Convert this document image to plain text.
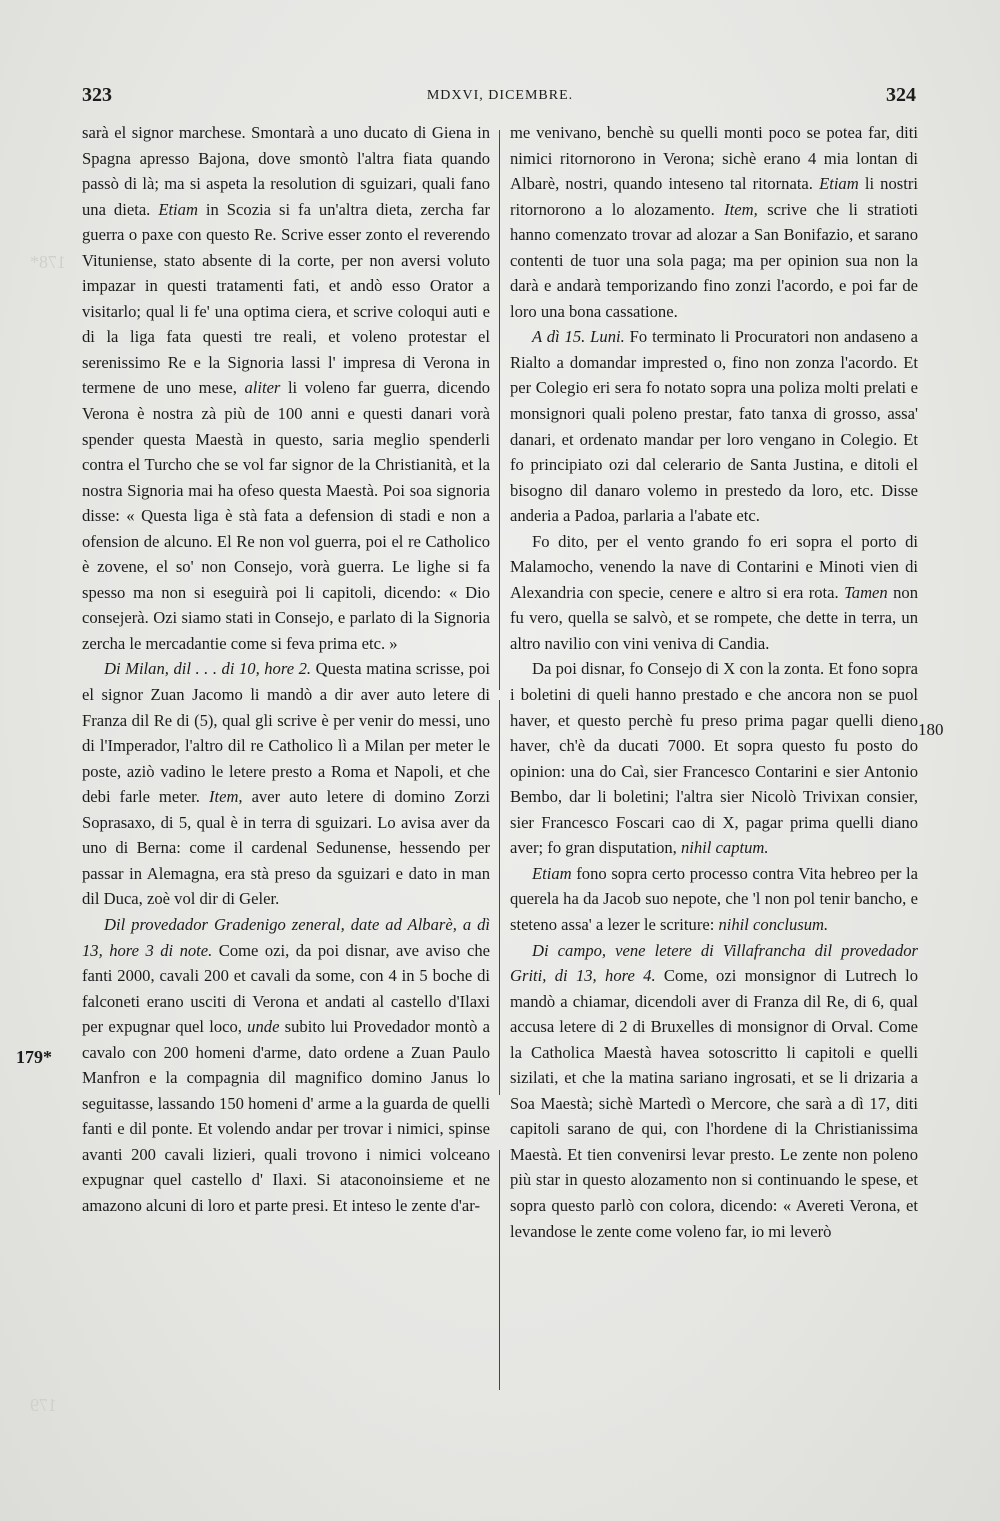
178*
179
323	MDXVI, DICEMBRE.	324
179*
180

sarà el signor marchese. Smontarà a uno ducato di Giena in Spagna apresso Bajona, dove smontò l'altra fiata quando passò di là; ma si aspeta la resolution di sguizari, quali fano una dieta. Etiam in Scozia si fa un'altra dieta, zercha far guerra o paxe con questo Re. Scrive esser zonto el reverendo Vituniense, stato absente di la corte, per non aversi voluto impazar in questi tratamenti fati, et andò esso Orator a visitarlo; qual li fe' una optima ciera, et scrive coloqui auti e di la liga fata questi tre reali, et voleno protestar el serenissimo Re e la Signoria lassi l' impresa di Verona in termene de uno mese, aliter li voleno far guerra, dicendo Verona è nostra zà più de 100 anni e questi danari vorà spender questa Maestà in questo, saria meglio spenderli contra el Turcho che se vol far signor de la Christianità, et la nostra Signoria mai ha ofeso questa Maestà. Poi soa signoria disse: « Questa liga è stà fata a defension di stadi e non a ofension de alcuno. El Re non vol guerra, poi el re Catholico è zovene, el so' non Consejo, vorà guerra. Le lighe si fa spesso ma non si eseguirà poi li capitoli, dicendo: « Dio consejerà. Ozi siamo stati in Consejo, e parlato di la Signoria zercha le mercadantie come si feva prima etc. »

Di Milan, dil . . . di 10, hore 2. Questa matina scrisse, poi el signor Zuan Jacomo li mandò a dir aver auto letere di Franza dil Re di (5), qual gli scrive è per venir do messi, uno di l'Imperador, l'altro dil re Catholico lì a Milan per meter le poste, aziò vadino le letere presto a Roma et Napoli, et che debi farle meter. Item, aver auto letere di domino Zorzi Soprasaxo, di 5, qual è in terra di sguizari. Lo avisa aver da uno di Berna: come il cardenal Sedunense, hessendo per passar in Alemagna, era stà preso da sguizari e dato in man dil Duca, zoè vol dir di Geler.

Dil provedador Gradenigo zeneral, date ad Albarè, a dì 13, hore 3 di note. Come ozi, da poi disnar, ave aviso che fanti 2000, cavali 200 et cavali da some, con 4 in 5 boche di falconeti erano usciti di Verona et andati al castello d'Ilaxi per expugnar quel loco, unde subito lui Provedador montò a cavalo con 200 homeni d'arme, dato ordene a Zuan Paulo Manfron e la compagnia dil magnifico domino Janus lo seguitasse, lassando 150 homeni d' arme a la guarda de quelli fanti e dil ponte. Et volendo andar per trovar i nimici, spinse avanti 200 cavali lizieri, quali trovono i nimici volceano expugnar quel castello d' Ilaxi. Si ataconoinsieme et ne amazono alcuni di loro et parte presi. Et inteso le zente d'ar-

me venivano, benchè su quelli monti poco se potea far, diti nimici ritornorono in Verona; sichè erano 4 mia lontan di Albarè, nostri, quando inteseno tal ritornata. Etiam li nostri ritornorono a lo alozamento. Item, scrive che li stratioti hanno comenzato trovar ad alozar a San Bonifazio, et sarano contenti de tuor una sola paga; ma per opinion sua non la darà e andarà temporizando fino zonzi l'acordo, e poi far de loro una bona cassatione.

A dì 15. Luni. Fo terminato li Procuratori non andaseno a Rialto a domandar imprested o, fino non zonza l'acordo. Et per Colegio eri sera fo notato sopra una poliza molti prelati e monsignori quali poleno prestar, fato tanxa di grosso, assa' danari, et ordenato mandar per loro vengano in Colegio. Et fo principiato ozi dal celerario de Santa Justina, e ditoli el bisogno dil danaro volemo in prestedo da loro, etc. Disse anderia a Padoa, parlaria a l'abate etc.

Fo dito, per el vento grando fo eri sopra el porto di Malamocho, venendo la nave di Contarini e Minoti vien di Alexandria con specie, cenere e altro si era rota. Tamen non fu vero, quella se salvò, et se rompete, che dette in terra, un altro navilio con vini veniva di Candia.

Da poi disnar, fo Consejo di X con la zonta. Et fono sopra i boletini di queli hanno prestado e che ancora non se puol haver, et questo perchè fu preso prima pagar quelli dieno haver, ch'è da ducati 7000. Et sopra questo fu posto do opinion: una do Caì, sier Francesco Contarini e sier Antonio Bembo, dar li boletini; l'altra sier Nicolò Trivixan consier, sier Francesco Foscari cao di X, pagar prima quelli diano aver; fo gran disputation, nihil captum.

Etiam fono sopra certo processo contra Vita hebreo per la querela ha da Jacob suo nepote, che 'l non pol tenir bancho, e steteno assa' a lezer le scriture: nihil conclusum.

Di campo, vene letere di Villafrancha dil provedador Griti, di 13, hore 4. Come, ozi monsignor di Lutrech lo mandò a chiamar, dicendoli aver di Franza dil Re, di 6, qual accusa letere di 2 di Bruxelles di monsignor di Orval. Come la Catholica Maestà havea sotoscritto li capitoli e quelli sizilati, et che la matina sariano ingrosati, et se li drizaria a Soa Maestà; sichè Martedì o Mercore, che sarà a dì 17, diti capitoli sarano de qui, con l'hordene di la Christianissima Maestà. Et tien convenirsi levar presto. Le zente non poleno più star in questo alozamento non si continuando le spese, et sopra questo parlò con colora, dicendo: « Avereti Verona, et levandose le zente come voleno far, io mi leverò
